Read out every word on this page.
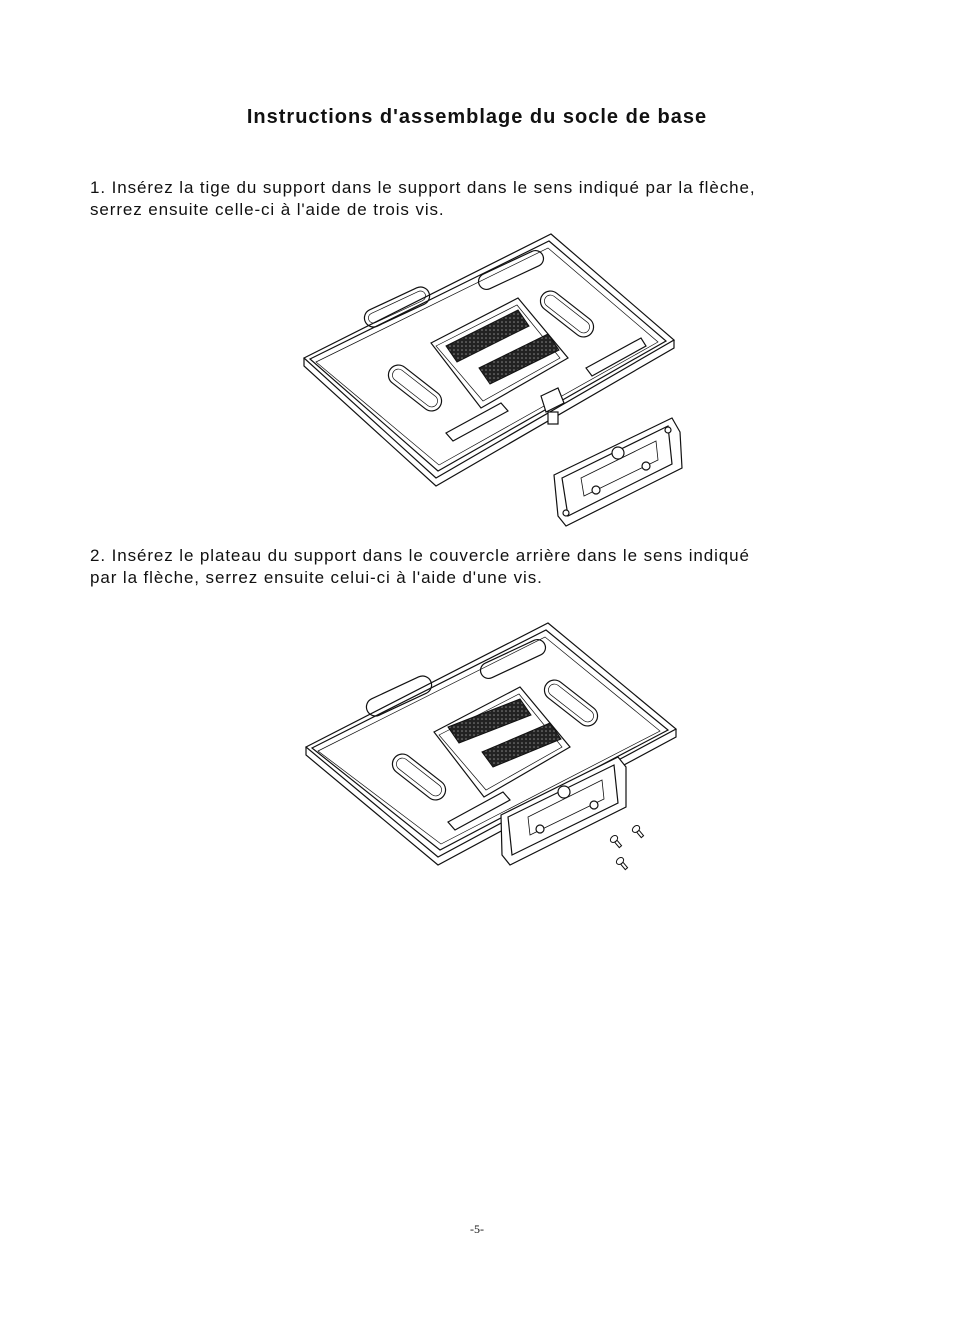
Instructions d'assemblage du socle de base
1. Insérez la tige du support dans le support dans le sens indiqué par la flèche,
serrez ensuite celle-ci à l'aide de trois vis.
2. Insérez le plateau du support dans le couvercle arrière dans le sens indiqué
par la flèche, serrez ensuite celui-ci à l'aide d'une vis.
-5-
